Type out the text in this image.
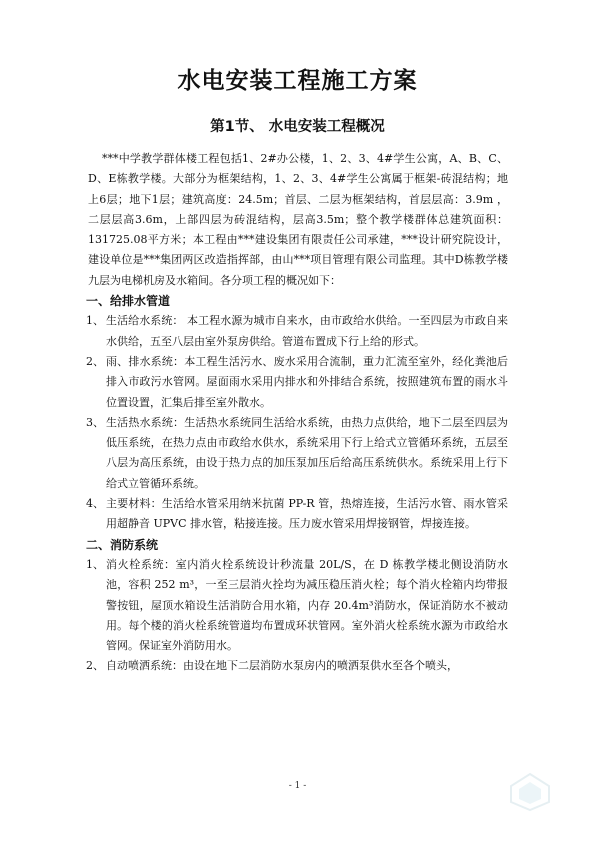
水电安装工程施工方案
第1节、 水电安装工程概况

***中学教学群体楼工程包括1、2#办公楼，1、2、3、4#学生公寓，A、B、C、D、E栋教学楼。大部分为框架结构，1、2、3、4#学生公寓属于框架-砖混结构；地上6层；地下1层；建筑高度：24.5m；首层、二层为框架结构，首层层高：3.9m ，二层层高3.6m，上部四层为砖混结构，层高3.5m；整个教学楼群体总建筑面积：131725.08平方米；本工程由***建设集团有限责任公司承建，***设计研究院设计，建设单位是***集团两区改造指挥部，由山***项目管理有限公司监理。其中D栋教学楼九层为电梯机房及水箱间。各分项工程的概况如下：

一、给排水管道

1、 生活给水系统： 本工程水源为城市自来水，由市政给水供给。一至四层为市政自来水供给，五至八层由室外泵房供给。管道布置成下行上给的形式。

2、 雨、排水系统：本工程生活污水、废水采用合流制，重力汇流至室外，经化粪池后排入市政污水管网。屋面雨水采用内排水和外排结合系统，按照建筑布置的雨水斗位置设置，汇集后排至室外散水。

3、 生活热水系统：生活热水系统同生活给水系统，由热力点供给，地下二层至四层为低压系统，在热力点由市政给水供水，系统采用下行上给式立管循环系统，五层至八层为高压系统，由设于热力点的加压泵加压后给高压系统供水。系统采用上行下给式立管循环系统。

4、 主要材料：生活给水管采用纳米抗菌 PP-R 管，热熔连接，生活污水管、雨水管采用超静音 UPVC 排水管，粘接连接。压力废水管采用焊接钢管，焊接连接。

二、消防系统

1、 消火栓系统：室内消火栓系统设计秒流量 20L/S，在 D 栋教学楼北侧设消防水池，容积 252 m³，一至三层消火拴均为减压稳压消火栓；每个消火栓箱内均带报警按钮，屋顶水箱设生活消防合用水箱，内存 20.4m³消防水，保证消防水不被动用。每个楼的消火栓系统管道均布置成环状管网。室外消火栓系统水源为市政给水管网。保证室外消防用水。

2、 自动喷洒系统：由设在地下二层消防水泵房内的喷洒泵供水至各个喷头，

- 1 -
